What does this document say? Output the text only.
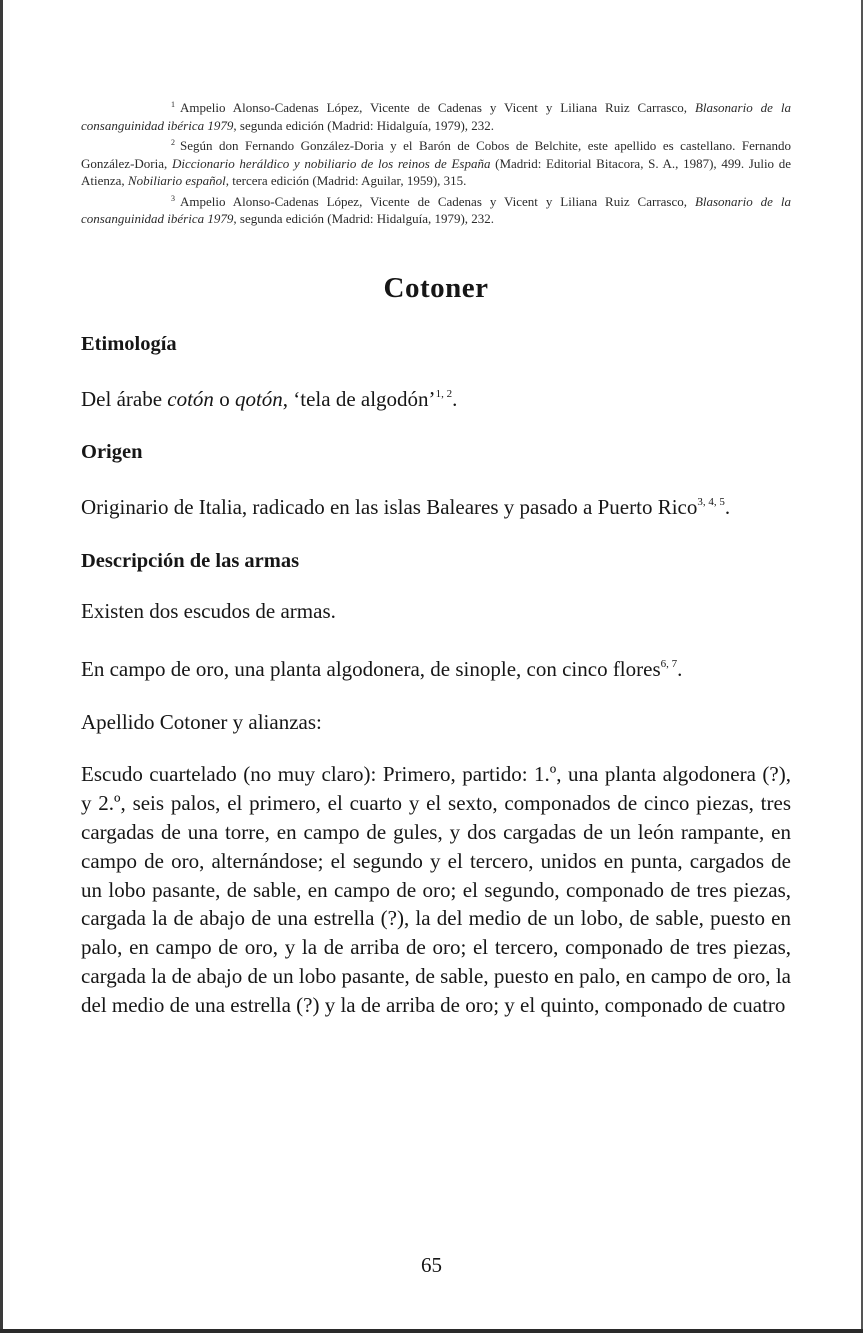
$^1$ Ampelio Alonso-Cadenas López, Vicente de Cadenas y Vicent y Liliana Ruiz Carrasco, Blasonario de la consanguinidad ibérica 1979, segunda edición (Madrid: Hidalguía, 1979), 232.

$^2$ Según don Fernando González-Doria y el Barón de Cobos de Belchite, este apellido es castellano. Fernando González-Doria, Diccionario heráldico y nobiliario de los reinos de España (Madrid: Editorial Bitacora, S. A., 1987), 499. Julio de Atienza, Nobiliario español, tercera edición (Madrid: Aguilar, 1959), 315.

$^3$ Ampelio Alonso-Cadenas López, Vicente de Cadenas y Vicent y Liliana Ruiz Carrasco, Blasonario de la consanguinidad ibérica 1979, segunda edición (Madrid: Hidalguía, 1979), 232.

Cotoner
Etimología

Del árabe cotón o qotón, ‘tela de algodón’$^{1, 2}$.

Origen

Originario de Italia, radicado en las islas Baleares y pasado a Puerto Rico$^{3, 4, 5}$.

Descripción de las armas

Existen dos escudos de armas.

En campo de oro, una planta algodonera, de sinople, con cinco flores$^{6, 7}$.

Apellido Cotoner y alianzas:

Escudo cuartelado (no muy claro): Primero, partido: 1.º, una planta algodonera (?), y 2.º, seis palos, el primero, el cuarto y el sexto, componados de cinco piezas, tres cargadas de una torre, en campo de gules, y dos cargadas de un león rampante, en campo de oro, alternándose; el segundo y el tercero, unidos en punta, cargados de un lobo pasante, de sable, en campo de oro; el segundo, componado de tres piezas, cargada la de abajo de una estrella (?), la del medio de un lobo, de sable, puesto en palo, en campo de oro, y la de arriba de oro; el tercero, componado de tres piezas, cargada la de abajo de un lobo pasante, de sable, puesto en palo, en campo de oro, la del medio de una estrella (?) y la de arriba de oro; y el quinto, componado de cuatro

65
